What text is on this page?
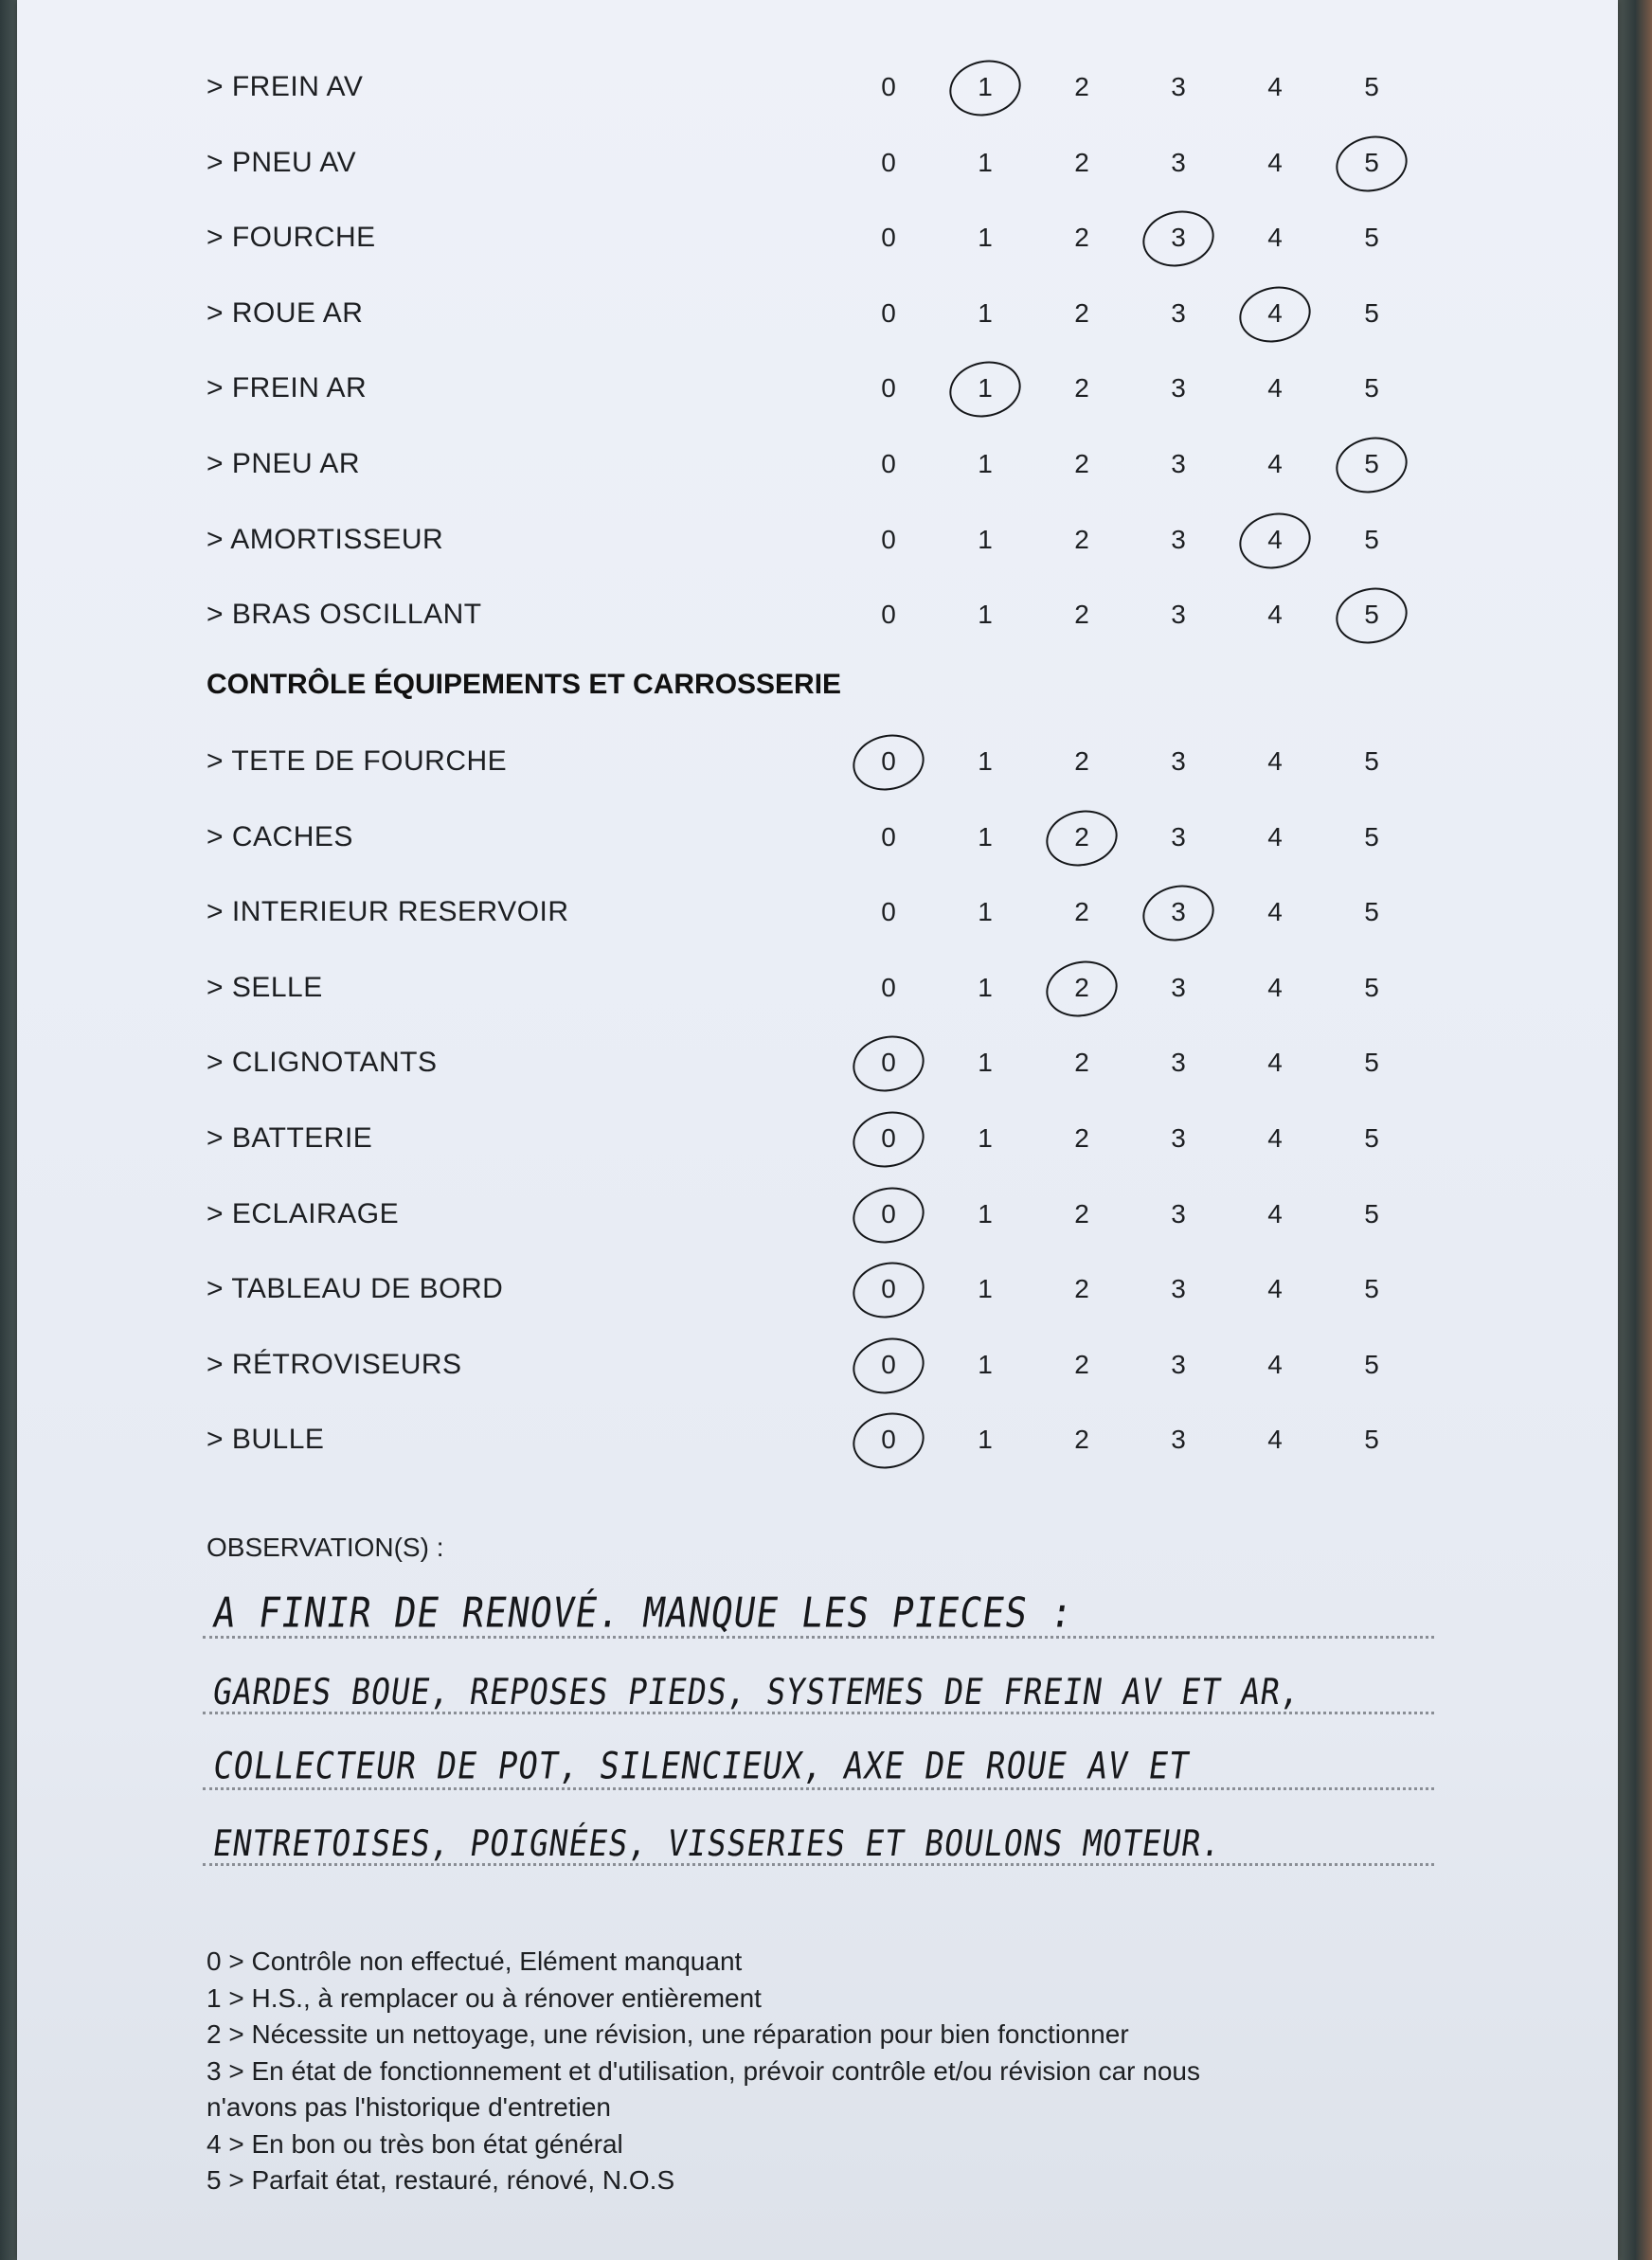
> FREIN AV	0	1	2	3	4	5
> PNEU AV	0	1	2	3	4	5
> FOURCHE	0	1	2	3	4	5
> ROUE AR	0	1	2	3	4	5
> FREIN AR	0	1	2	3	4	5
> PNEU AR	0	1	2	3	4	5
> AMORTISSEUR	0	1	2	3	4	5
> BRAS OSCILLANT	0	1	2	3	4	5
CONTRÔLE ÉQUIPEMENTS ET CARROSSERIE
> TETE DE FOURCHE	0	1	2	3	4	5
> CACHES	0	1	2	3	4	5
> INTERIEUR RESERVOIR	0	1	2	3	4	5
> SELLE	0	1	2	3	4	5
> CLIGNOTANTS	0	1	2	3	4	5
> BATTERIE	0	1	2	3	4	5
> ECLAIRAGE	0	1	2	3	4	5
> TABLEAU DE BORD	0	1	2	3	4	5
> RÉTROVISEURS	0	1	2	3	4	5
> BULLE	0	1	2	3	4	5
OBSERVATION(S) :
A FINIR DE RENOVÉ. MANQUE LES PIECES :
GARDES BOUE, REPOSES PIEDS, SYSTEMES DE FREIN AV ET AR,
COLLECTEUR DE POT, SILENCIEUX, AXE DE ROUE AV ET
ENTRETOISES, POIGNÉES, VISSERIES ET BOULONS MOTEUR.
0 > Contrôle non effectué, Elément manquant
1 > H.S., à remplacer ou à rénover entièrement
2 > Nécessite un nettoyage, une révision, une réparation pour bien fonctionner
3 > En état de fonctionnement et d'utilisation, prévoir contrôle et/ou révision car nous
n'avons pas l'historique d'entretien
4 > En bon ou très bon état général
5 > Parfait état, restauré, rénové, N.O.S
